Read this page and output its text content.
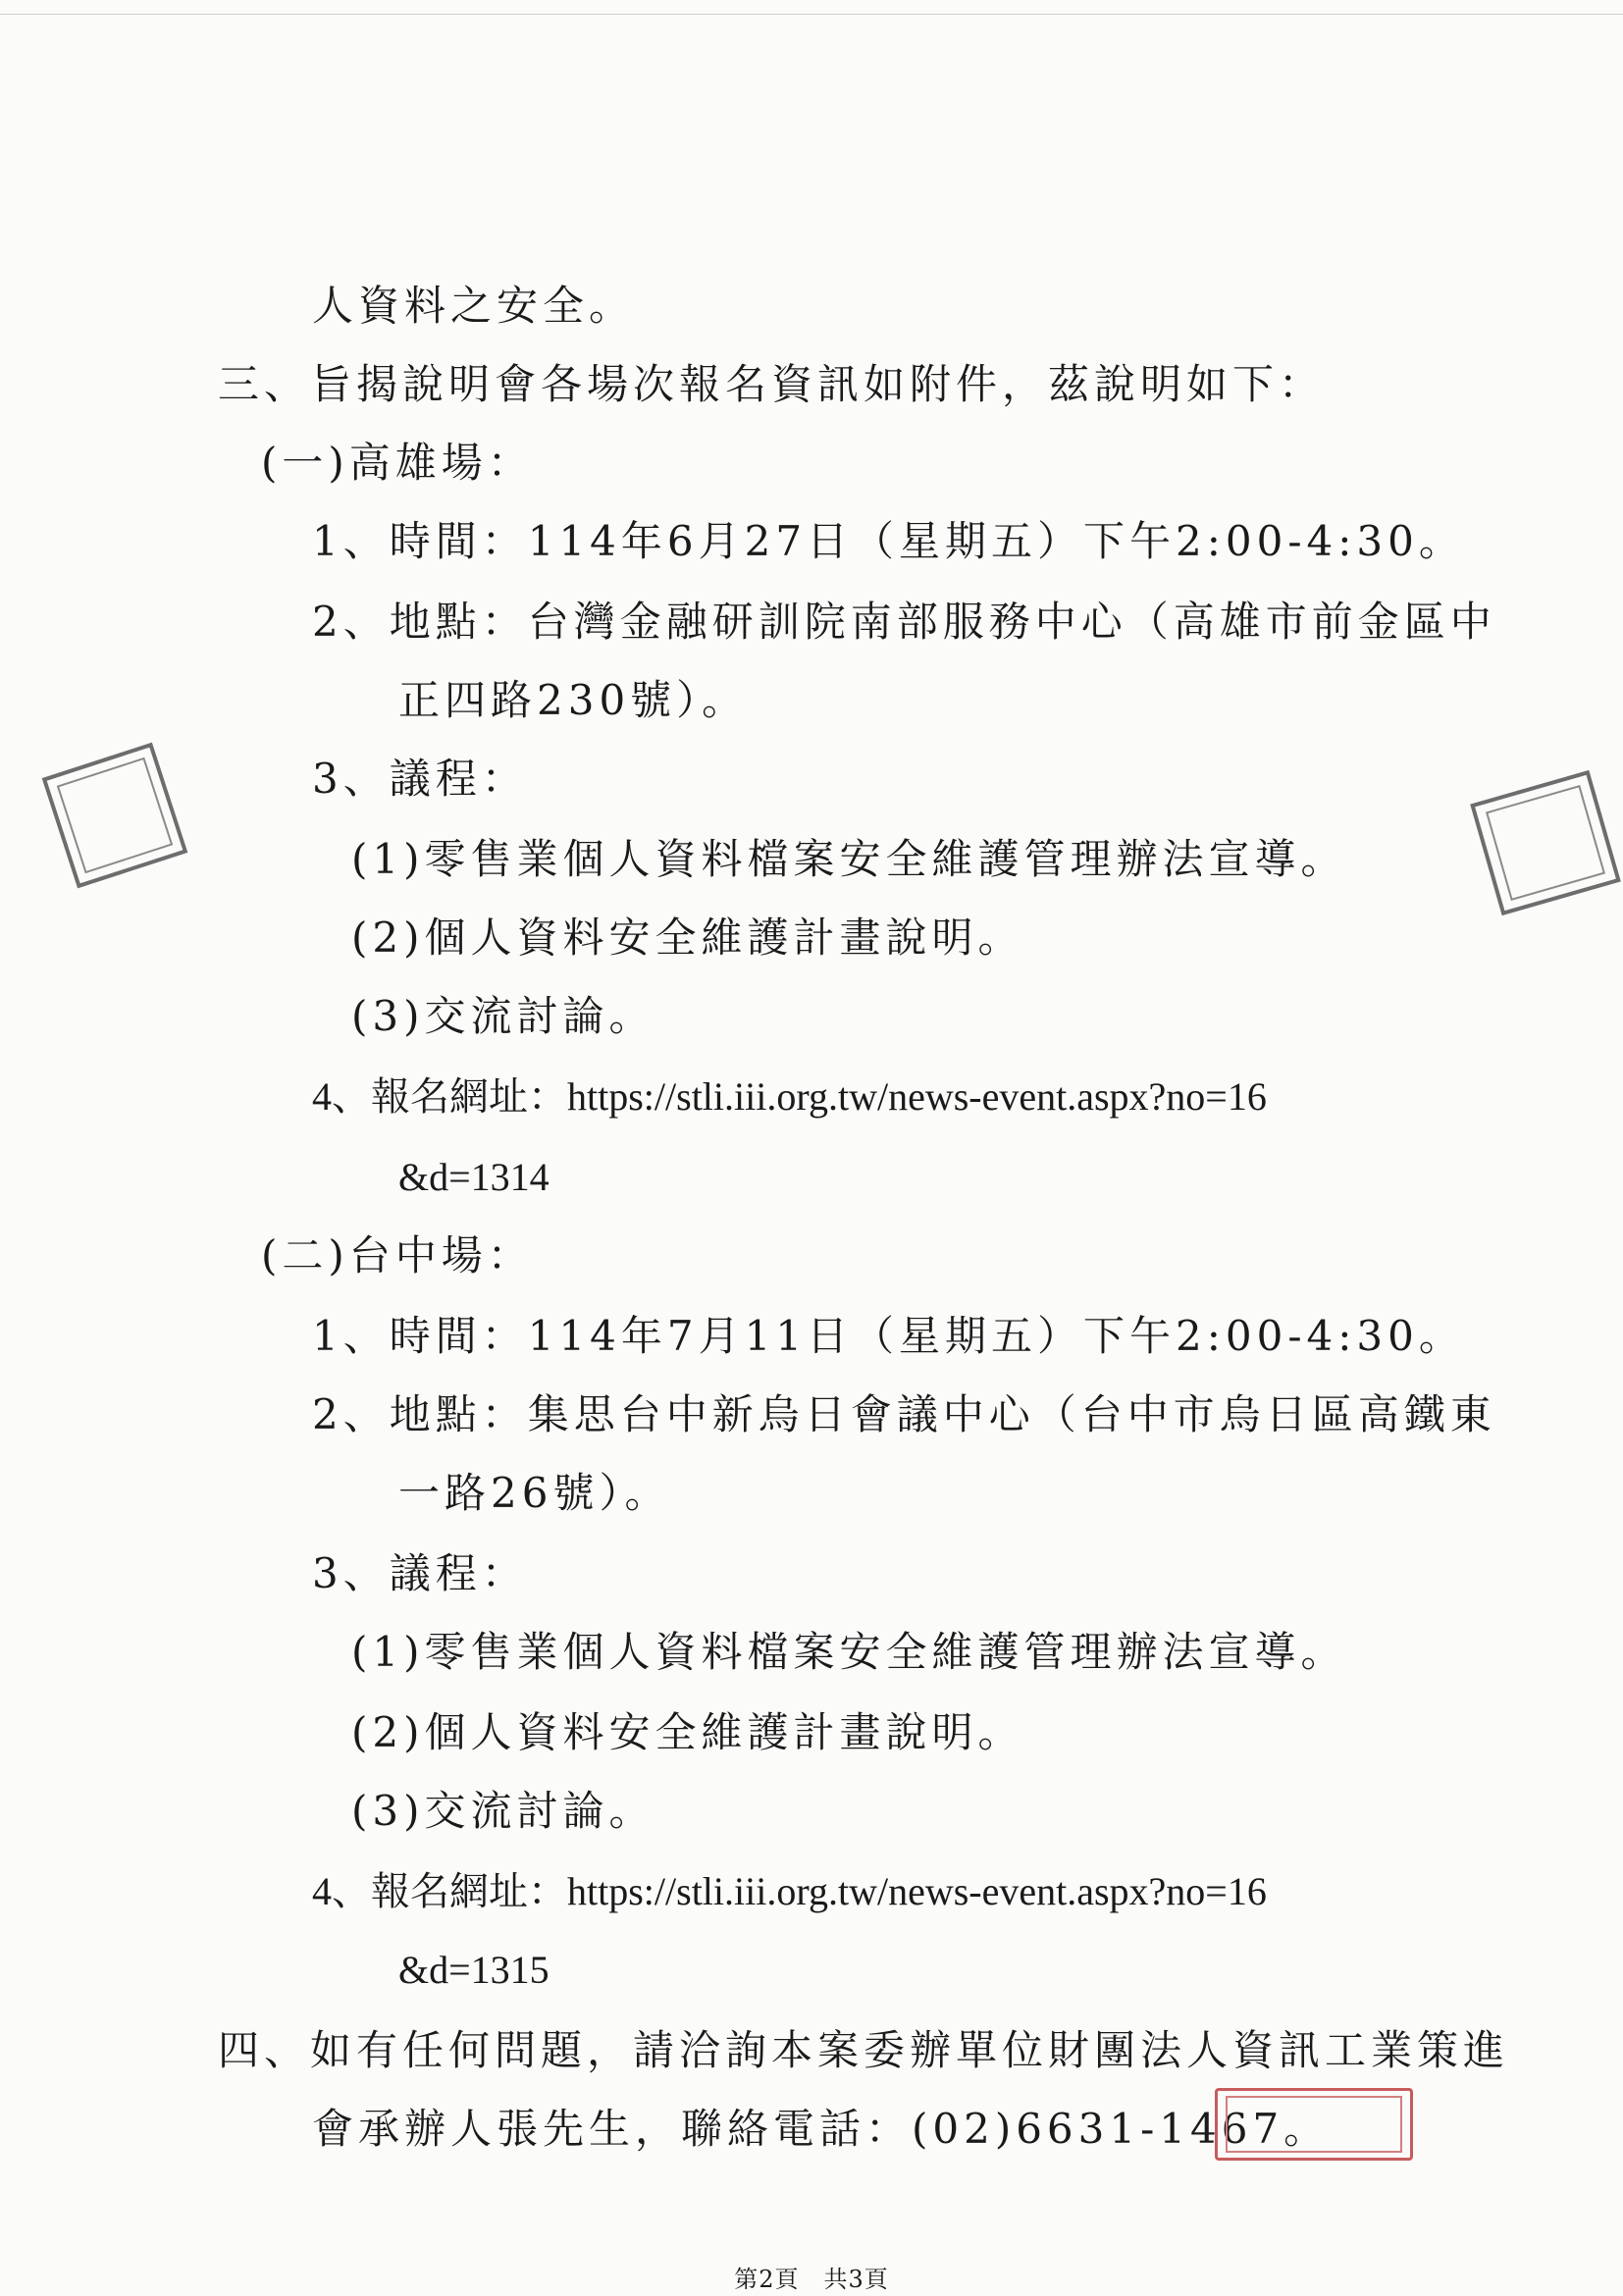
人資料之安全。
三、旨揭說明會各場次報名資訊如附件，茲說明如下：
(一)高雄場：
1、時間：114年6月27日（星期五）下午2:00-4:30。
2、地點：台灣金融研訓院南部服務中心（高雄市前金區中
正四路230號）。
3、議程：
(1)零售業個人資料檔案安全維護管理辦法宣導。
(2)個人資料安全維護計畫說明。
(3)交流討論。
4、報名網址：https://stli.iii.org.tw/news-event.aspx?no=16
&d=1314
(二)台中場：
1、時間：114年7月11日（星期五）下午2:00-4:30。
2、地點：集思台中新烏日會議中心（台中市烏日區高鐵東
一路26號）。
3、議程：
(1)零售業個人資料檔案安全維護管理辦法宣導。
(2)個人資料安全維護計畫說明。
(3)交流討論。
4、報名網址：https://stli.iii.org.tw/news-event.aspx?no=16
&d=1315
四、如有任何問題，請洽詢本案委辦單位財團法人資訊工業策進
會承辦人張先生，聯絡電話：(02)6631-1467。
第2頁　共3頁
